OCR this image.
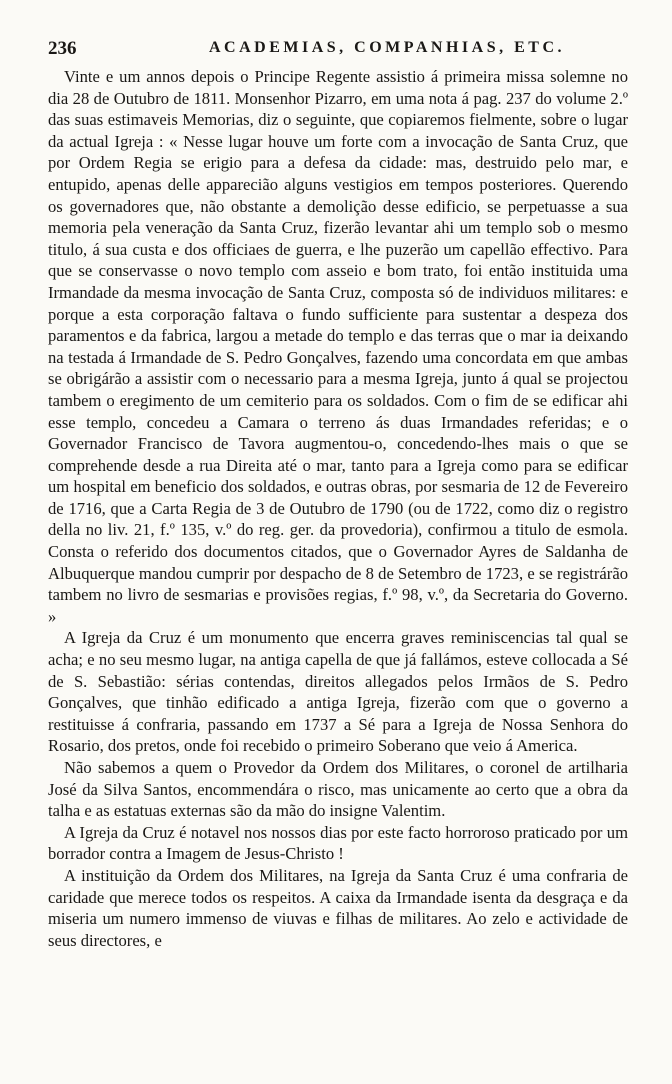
236	ACADEMIAS, COMPANHIAS, ETC.

Vinte e um annos depois o Principe Regente assistio á primeira missa solemne no dia 28 de Outubro de 1811. Monsenhor Pizarro, em uma nota á pag. 237 do volume 2.º das suas estimaveis Memorias, diz o seguinte, que copiaremos fielmente, sobre o lugar da actual Igreja : « Nesse lugar houve um forte com a invocação de Santa Cruz, que por Ordem Regia se erigio para a defesa da cidade: mas, destruido pelo mar, e entupido, apenas delle apparecião alguns vestigios em tempos posteriores. Querendo os governadores que, não obstante a demolição desse edificio, se perpetuasse a sua memoria pela veneração da Santa Cruz, fizerão levantar ahi um templo sob o mesmo titulo, á sua custa e dos officiaes de guerra, e lhe puzerão um capellão effectivo. Para que se conservasse o novo templo com asseio e bom trato, foi então instituida uma Irmandade da mesma invocação de Santa Cruz, composta só de individuos militares: e porque a esta corporação faltava o fundo sufficiente para sustentar a despeza dos paramentos e da fabrica, largou a metade do templo e das terras que o mar ia deixando na testada á Irmandade de S. Pedro Gonçalves, fazendo uma concordata em que ambas se obrigárão a assistir com o necessario para a mesma Igreja, junto á qual se projectou tambem o eregimento de um cemiterio para os soldados. Com o fim de se edificar ahi esse templo, concedeu a Camara o terreno ás duas Irmandades referidas; e o Governador Francisco de Tavora augmentou-o, concedendo-lhes mais o que se comprehende desde a rua Direita até o mar, tanto para a Igreja como para se edificar um hospital em beneficio dos soldados, e outras obras, por sesmaria de 12 de Fevereiro de 1716, que a Carta Regia de 3 de Outubro de 1790 (ou de 1722, como diz o registro della no liv. 21, f.º 135, v.º do reg. ger. da provedoria), confirmou a titulo de esmola. Consta o referido dos documentos citados, que o Governador Ayres de Saldanha de Albuquerque mandou cumprir por despacho de 8 de Setembro de 1723, e se registrárão tambem no livro de sesmarias e provisões regias, f.º 98, v.º, da Secretaria do Governo. »

A Igreja da Cruz é um monumento que encerra graves reminiscencias tal qual se acha; e no seu mesmo lugar, na antiga capella de que já fallámos, esteve collocada a Sé de S. Sebastião: sérias contendas, direitos allegados pelos Irmãos de S. Pedro Gonçalves, que tinhão edificado a antiga Igreja, fizerão com que o governo a restituisse á confraria, passando em 1737 a Sé para a Igreja de Nossa Senhora do Rosario, dos pretos, onde foi recebido o primeiro Soberano que veio á America.

Não sabemos a quem o Provedor da Ordem dos Militares, o coronel de artilharia José da Silva Santos, encommendára o risco, mas unicamente ao certo que a obra da talha e as estatuas externas são da mão do insigne Valentim.

A Igreja da Cruz é notavel nos nossos dias por este facto horroroso praticado por um borrador contra a Imagem de Jesus-Christo !

A instituição da Ordem dos Militares, na Igreja da Santa Cruz é uma confraria de caridade que merece todos os respeitos. A caixa da Irmandade isenta da desgraça e da miseria um numero immenso de viuvas e filhas de militares. Ao zelo e actividade de seus directores, e
